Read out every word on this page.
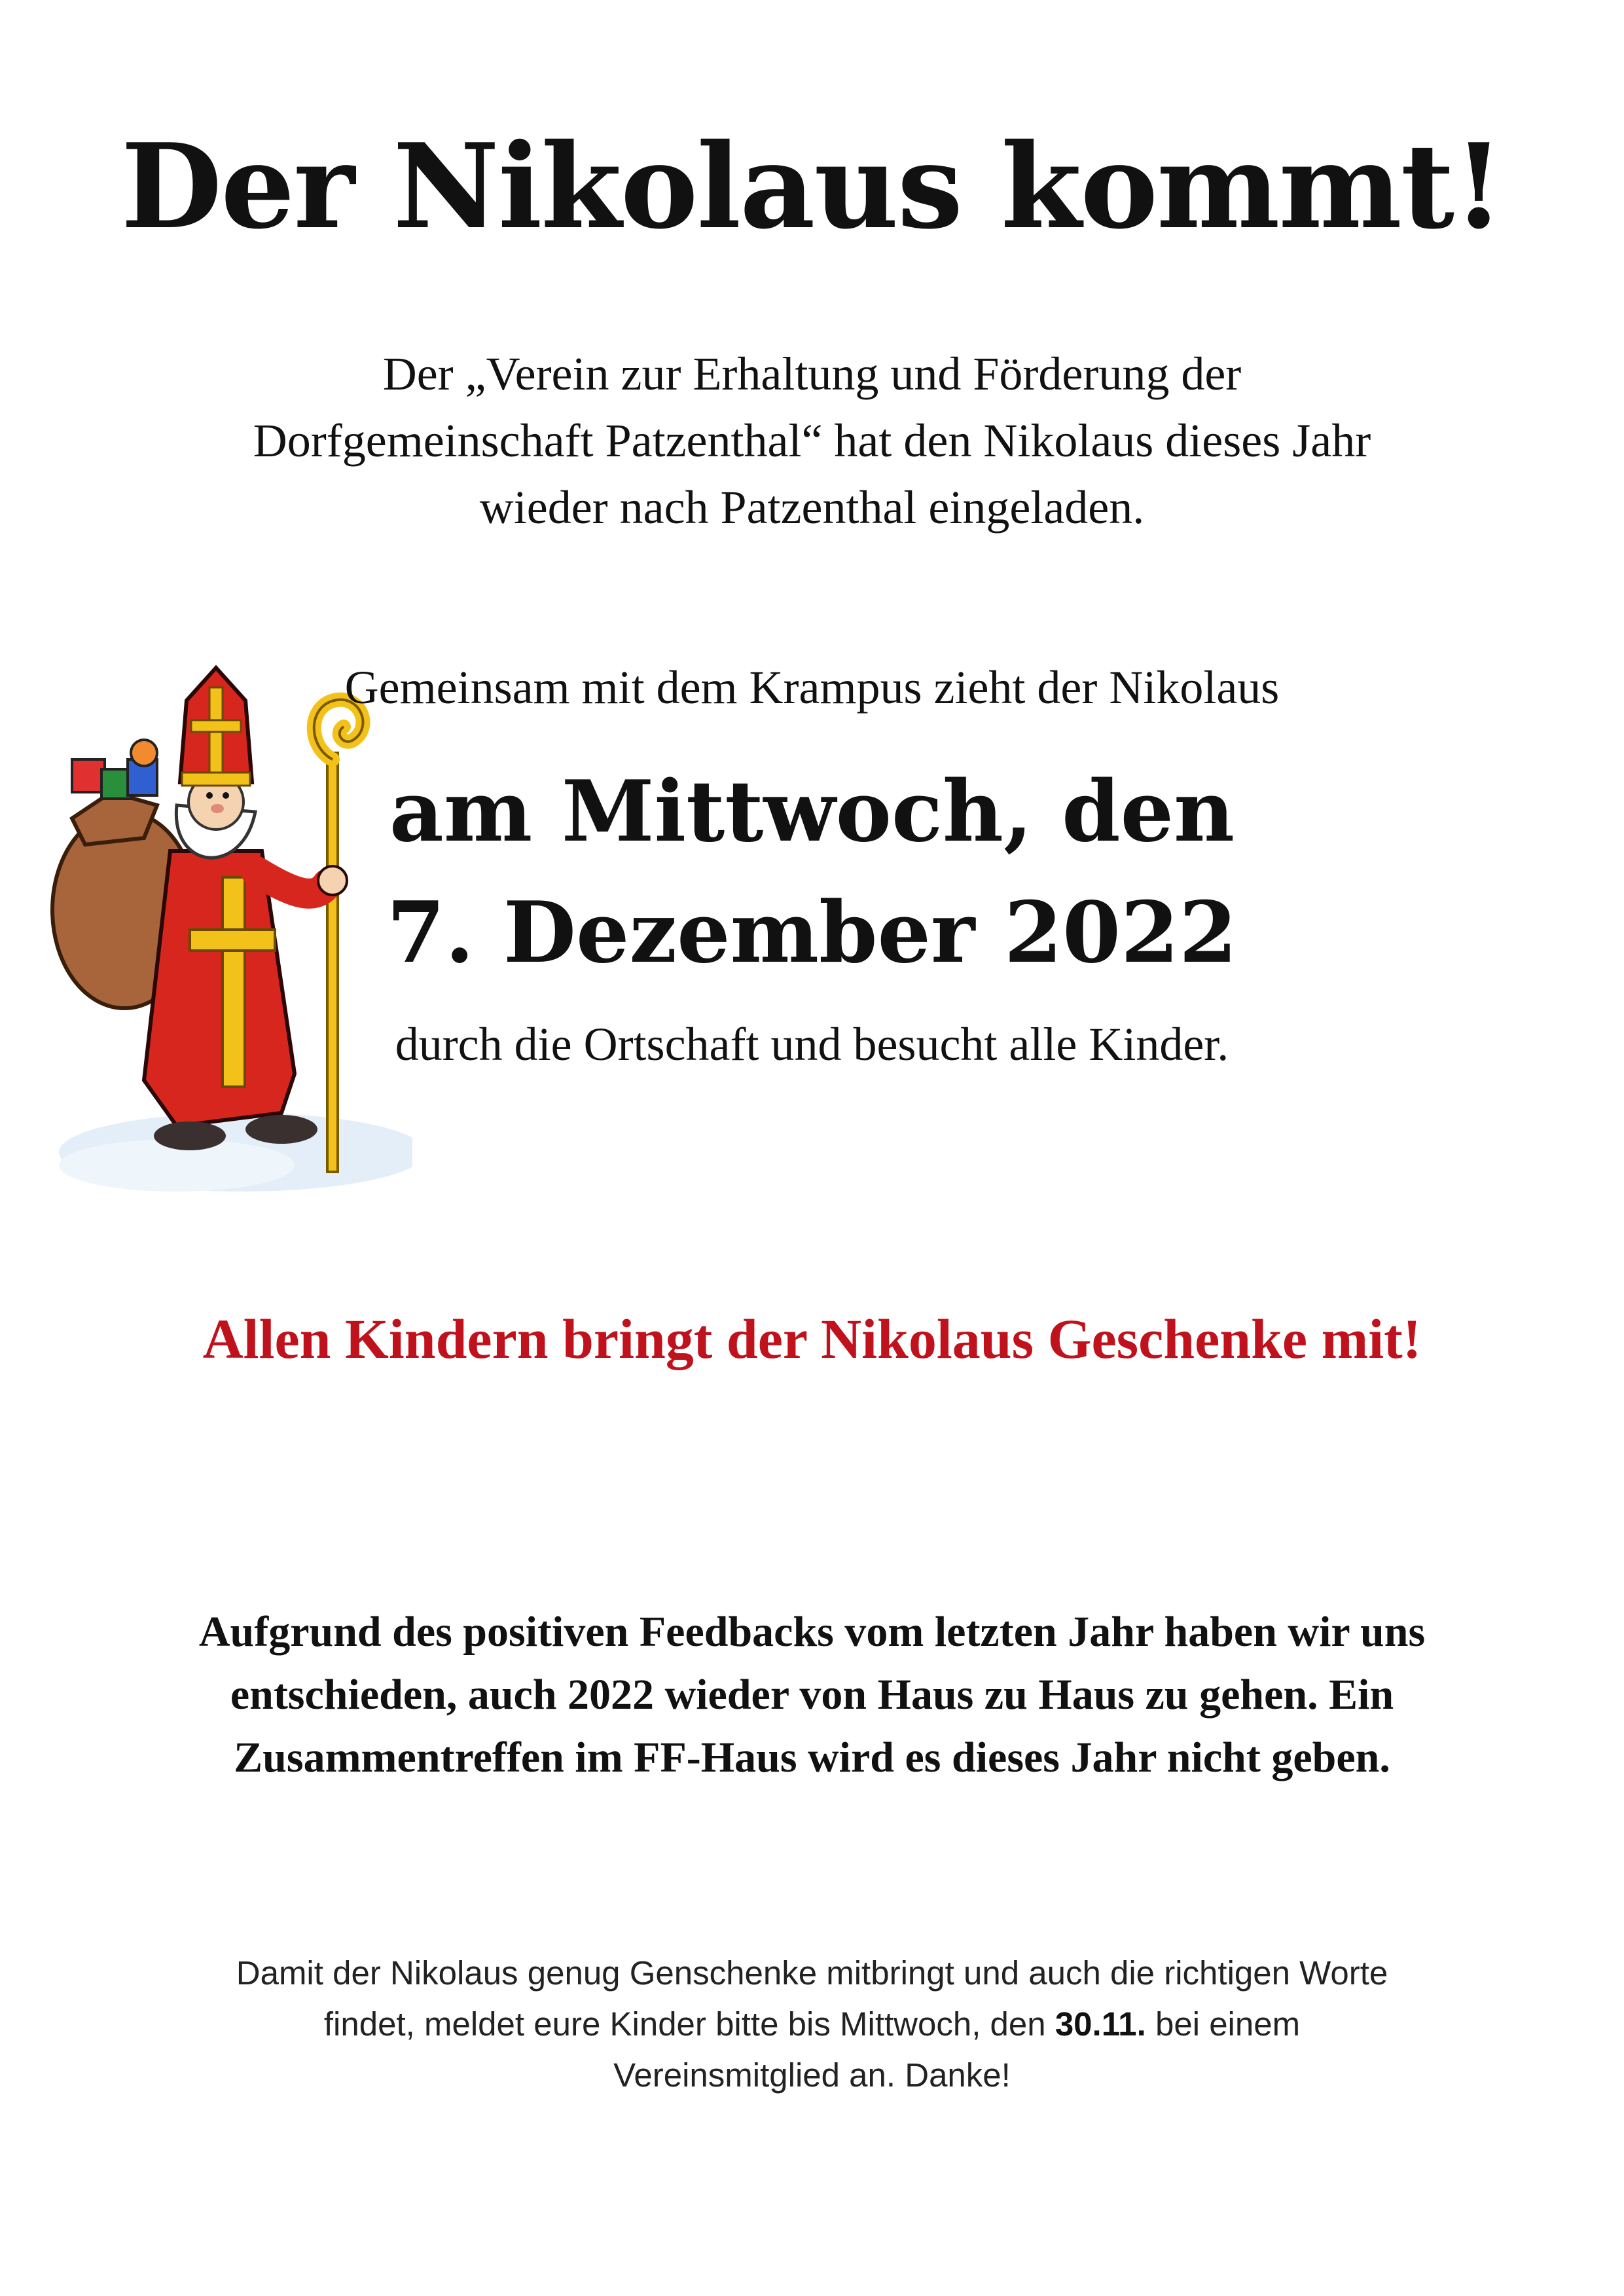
Der Nikolaus kommt!
Der „Verein zur Erhaltung und Förderung der
Dorfgemeinschaft Patzenthal“ hat den Nikolaus dieses Jahr
wieder nach Patzenthal eingeladen.
Gemeinsam mit dem Krampus zieht der Nikolaus
am Mittwoch, den
7. Dezember 2022
durch die Ortschaft und besucht alle Kinder.
Allen Kindern bringt der Nikolaus Geschenke mit!
Aufgrund des positiven Feedbacks vom letzten Jahr haben wir uns
entschieden, auch 2022 wieder von Haus zu Haus zu gehen. Ein
Zusammentreffen im FF-Haus wird es dieses Jahr nicht geben.
Damit der Nikolaus genug Genschenke mitbringt und auch die richtigen Worte
findet, meldet eure Kinder bitte bis Mittwoch, den 30.11. bei einem
Vereinsmitglied an. Danke!
